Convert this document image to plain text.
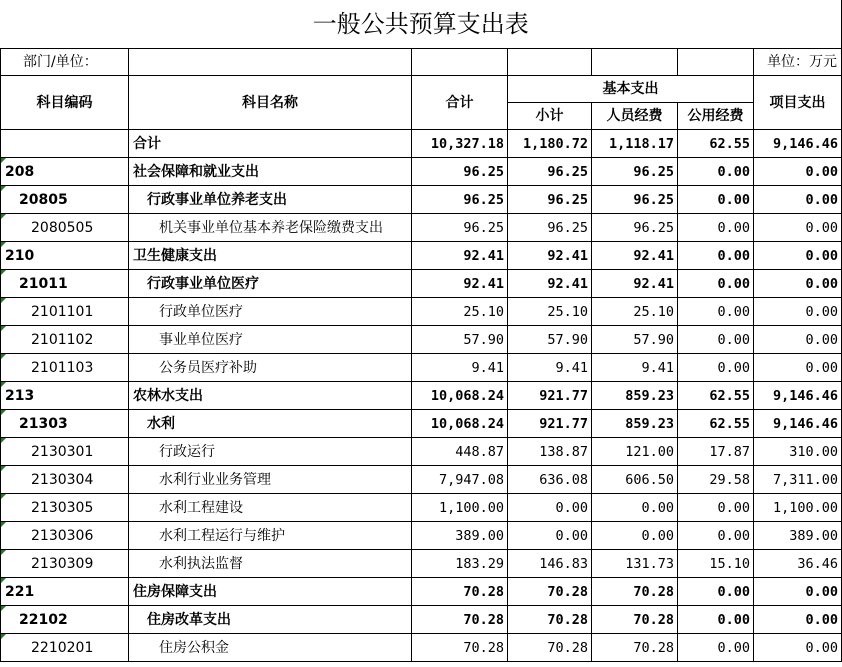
一般公共预算支出表						
部门/单位：						单位：万元
科目编码	科目名称	合计	基本支出			项目支出
			小计	人员经费	公用经费	
	合计	10,327.18	1,180.72	1,118.17	62.55	9,146.46
208	社会保障和就业支出	96.25	96.25	96.25	0.00	0.00
20805	行政事业单位养老支出	96.25	96.25	96.25	0.00	0.00
2080505	机关事业单位基本养老保险缴费支出	96.25	96.25	96.25	0.00	0.00
210	卫生健康支出	92.41	92.41	92.41	0.00	0.00
21011	行政事业单位医疗	92.41	92.41	92.41	0.00	0.00
2101101	行政单位医疗	25.10	25.10	25.10	0.00	0.00
2101102	事业单位医疗	57.90	57.90	57.90	0.00	0.00
2101103	公务员医疗补助	9.41	9.41	9.41	0.00	0.00
213	农林水支出	10,068.24	921.77	859.23	62.55	9,146.46
21303	水利	10,068.24	921.77	859.23	62.55	9,146.46
2130301	行政运行	448.87	138.87	121.00	17.87	310.00
2130304	水利行业业务管理	7,947.08	636.08	606.50	29.58	7,311.00
2130305	水利工程建设	1,100.00	0.00	0.00	0.00	1,100.00
2130306	水利工程运行与维护	389.00	0.00	0.00	0.00	389.00
2130309	水利执法监督	183.29	146.83	131.73	15.10	36.46
221	住房保障支出	70.28	70.28	70.28	0.00	0.00
22102	住房改革支出	70.28	70.28	70.28	0.00	0.00
2210201	住房公积金	70.28	70.28	70.28	0.00	0.00
